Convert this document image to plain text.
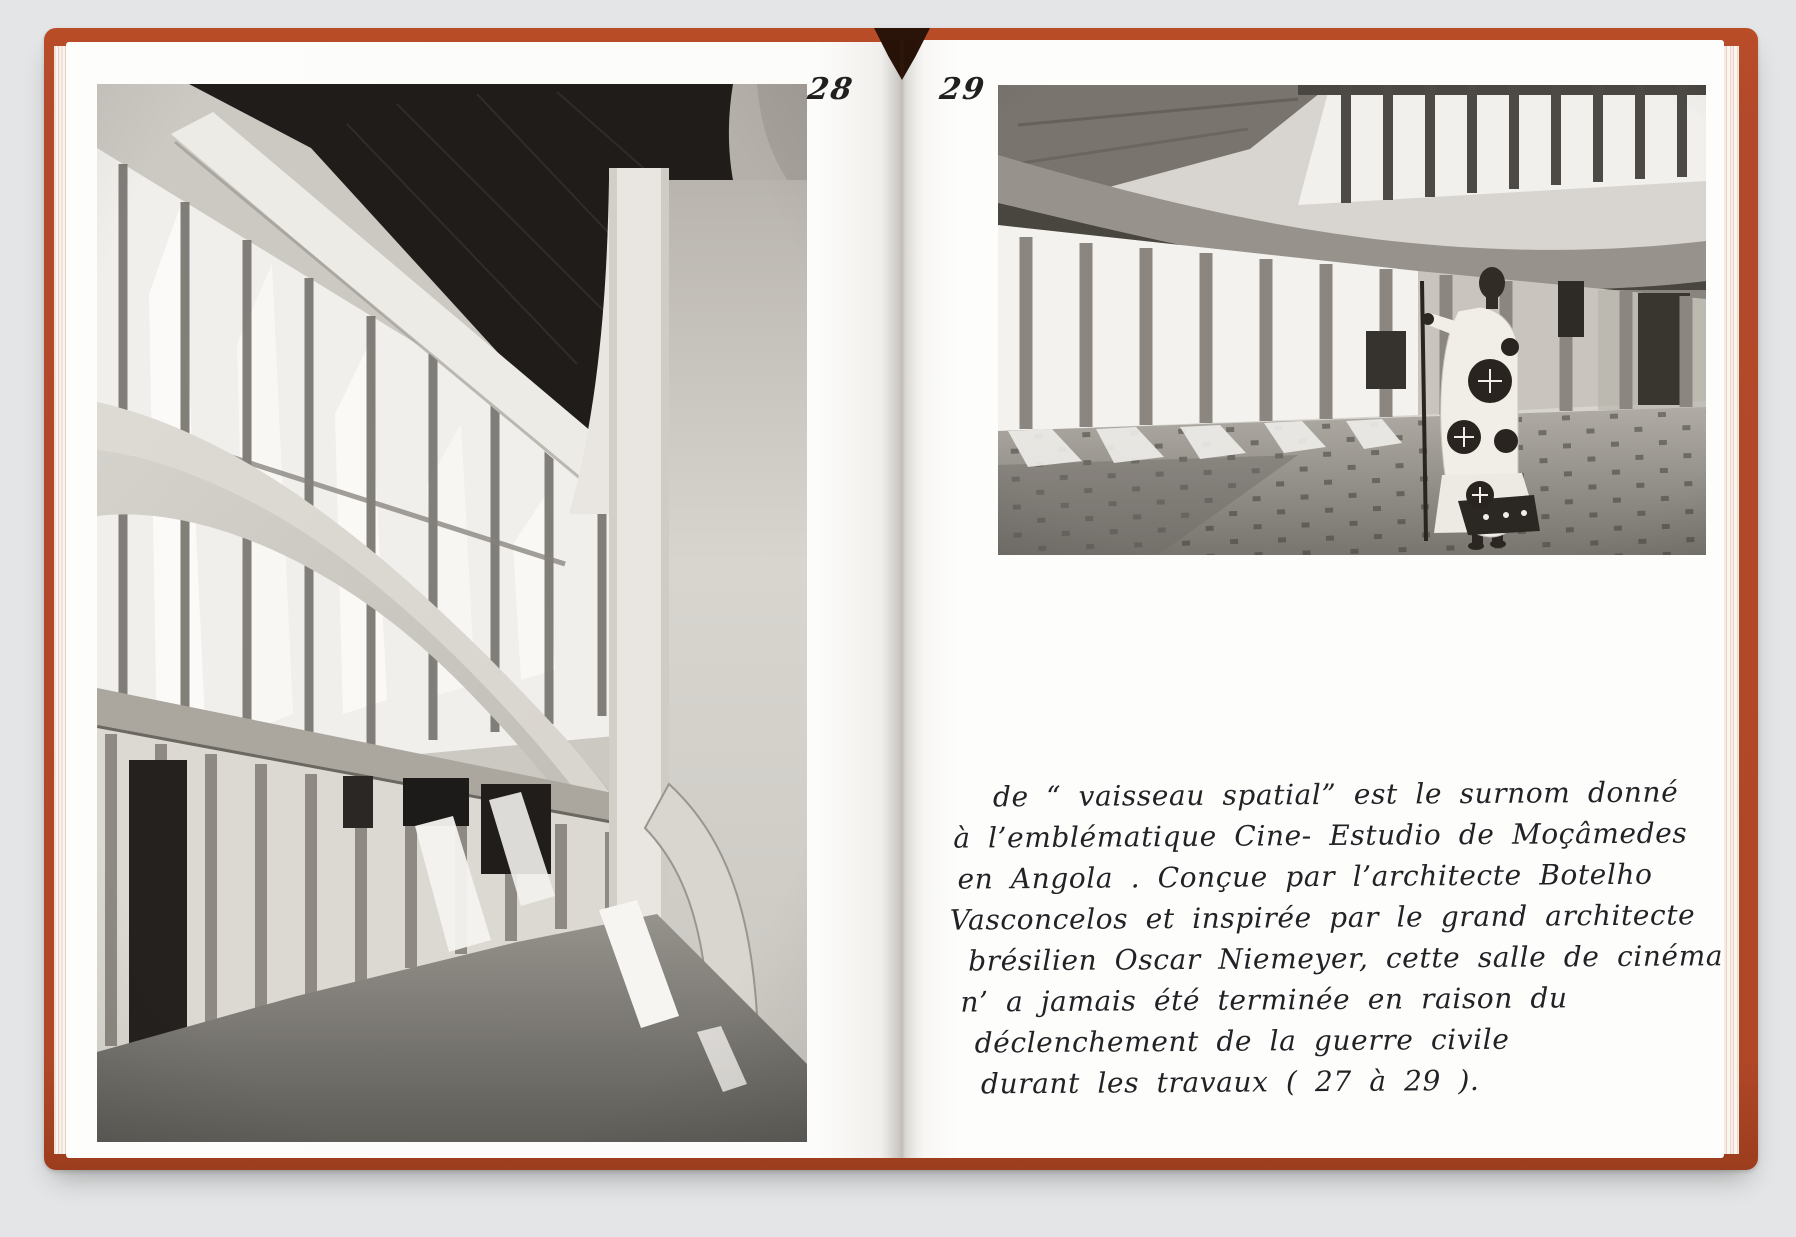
28	29
de “ vaisseau spatial” est le surnom donné
à l’emblématique Cine- Estudio de Moçâmedes
en Angola . Conçue par l’architecte Botelho
Vasconcelos et inspirée par le grand architecte
brésilien Oscar Niemeyer, cette salle de cinéma
n’ a jamais été terminée en raison du
déclenchement de la guerre civile
durant les travaux ( 27 à 29 ).
